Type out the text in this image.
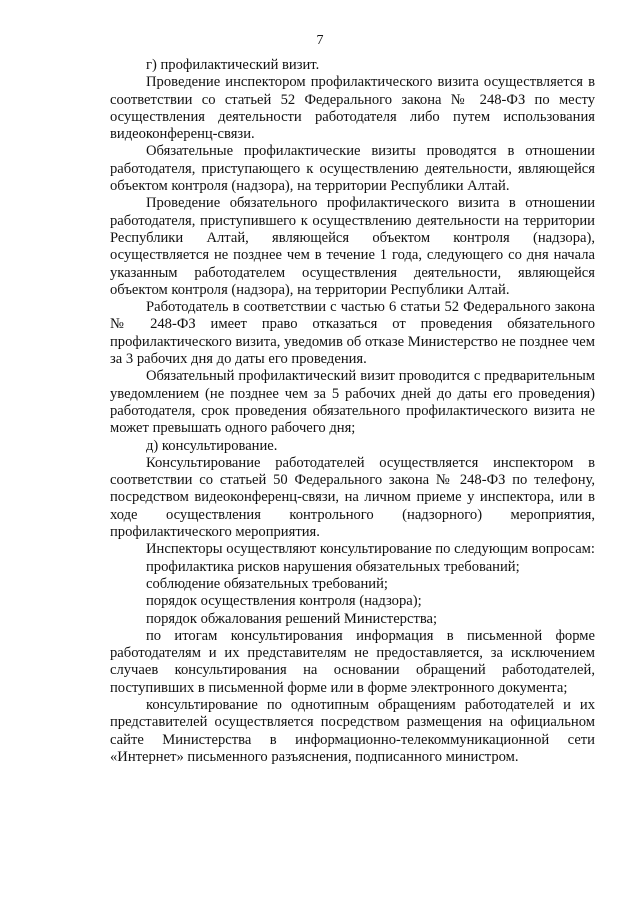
7

г) профилактический визит.

Проведение инспектором профилактического визита осуществляется в соответствии со статьей 52 Федерального закона № 248-ФЗ по месту осуществления деятельности работодателя либо путем использования видеоконференц-связи.

Обязательные профилактические визиты проводятся в отношении работодателя, приступающего к осуществлению деятельности, являющейся объектом контроля (надзора), на территории Республики Алтай.

Проведение обязательного профилактического визита в отношении работодателя, приступившего к осуществлению деятельности на территории Республики Алтай, являющейся объектом контроля (надзора), осуществляется не позднее чем в течение 1 года, следующего со дня начала указанным работодателем осуществления деятельности, являющейся объектом контроля (надзора), на территории Республики Алтай.

Работодатель в соответствии с частью 6 статьи 52 Федерального закона № 248-ФЗ имеет право отказаться от проведения обязательного профилактического визита, уведомив об отказе Министерство не позднее чем за 3 рабочих дня до даты его проведения.

Обязательный профилактический визит проводится с предварительным уведомлением (не позднее чем за 5 рабочих дней до даты его проведения) работодателя, срок проведения обязательного профилактического визита не может превышать одного рабочего дня;

д) консультирование.

Консультирование работодателей осуществляется инспектором в соответствии со статьей 50 Федерального закона № 248-ФЗ по телефону, посредством видеоконференц-связи, на личном приеме у инспектора, или в ходе осуществления контрольного (надзорного) мероприятия, профилактического мероприятия.

Инспекторы осуществляют консультирование по следующим вопросам:

профилактика рисков нарушения обязательных требований;

соблюдение обязательных требований;

порядок осуществления контроля (надзора);

порядок обжалования решений Министерства;

по итогам консультирования информация в письменной форме работодателям и их представителям не предоставляется, за исключением случаев консультирования на основании обращений работодателей, поступивших в письменной форме или в форме электронного документа;

консультирование по однотипным обращениям работодателей и их представителей осуществляется посредством размещения на официальном сайте Министерства в информационно-телекоммуникационной сети «Интернет» письменного разъяснения, подписанного министром.
